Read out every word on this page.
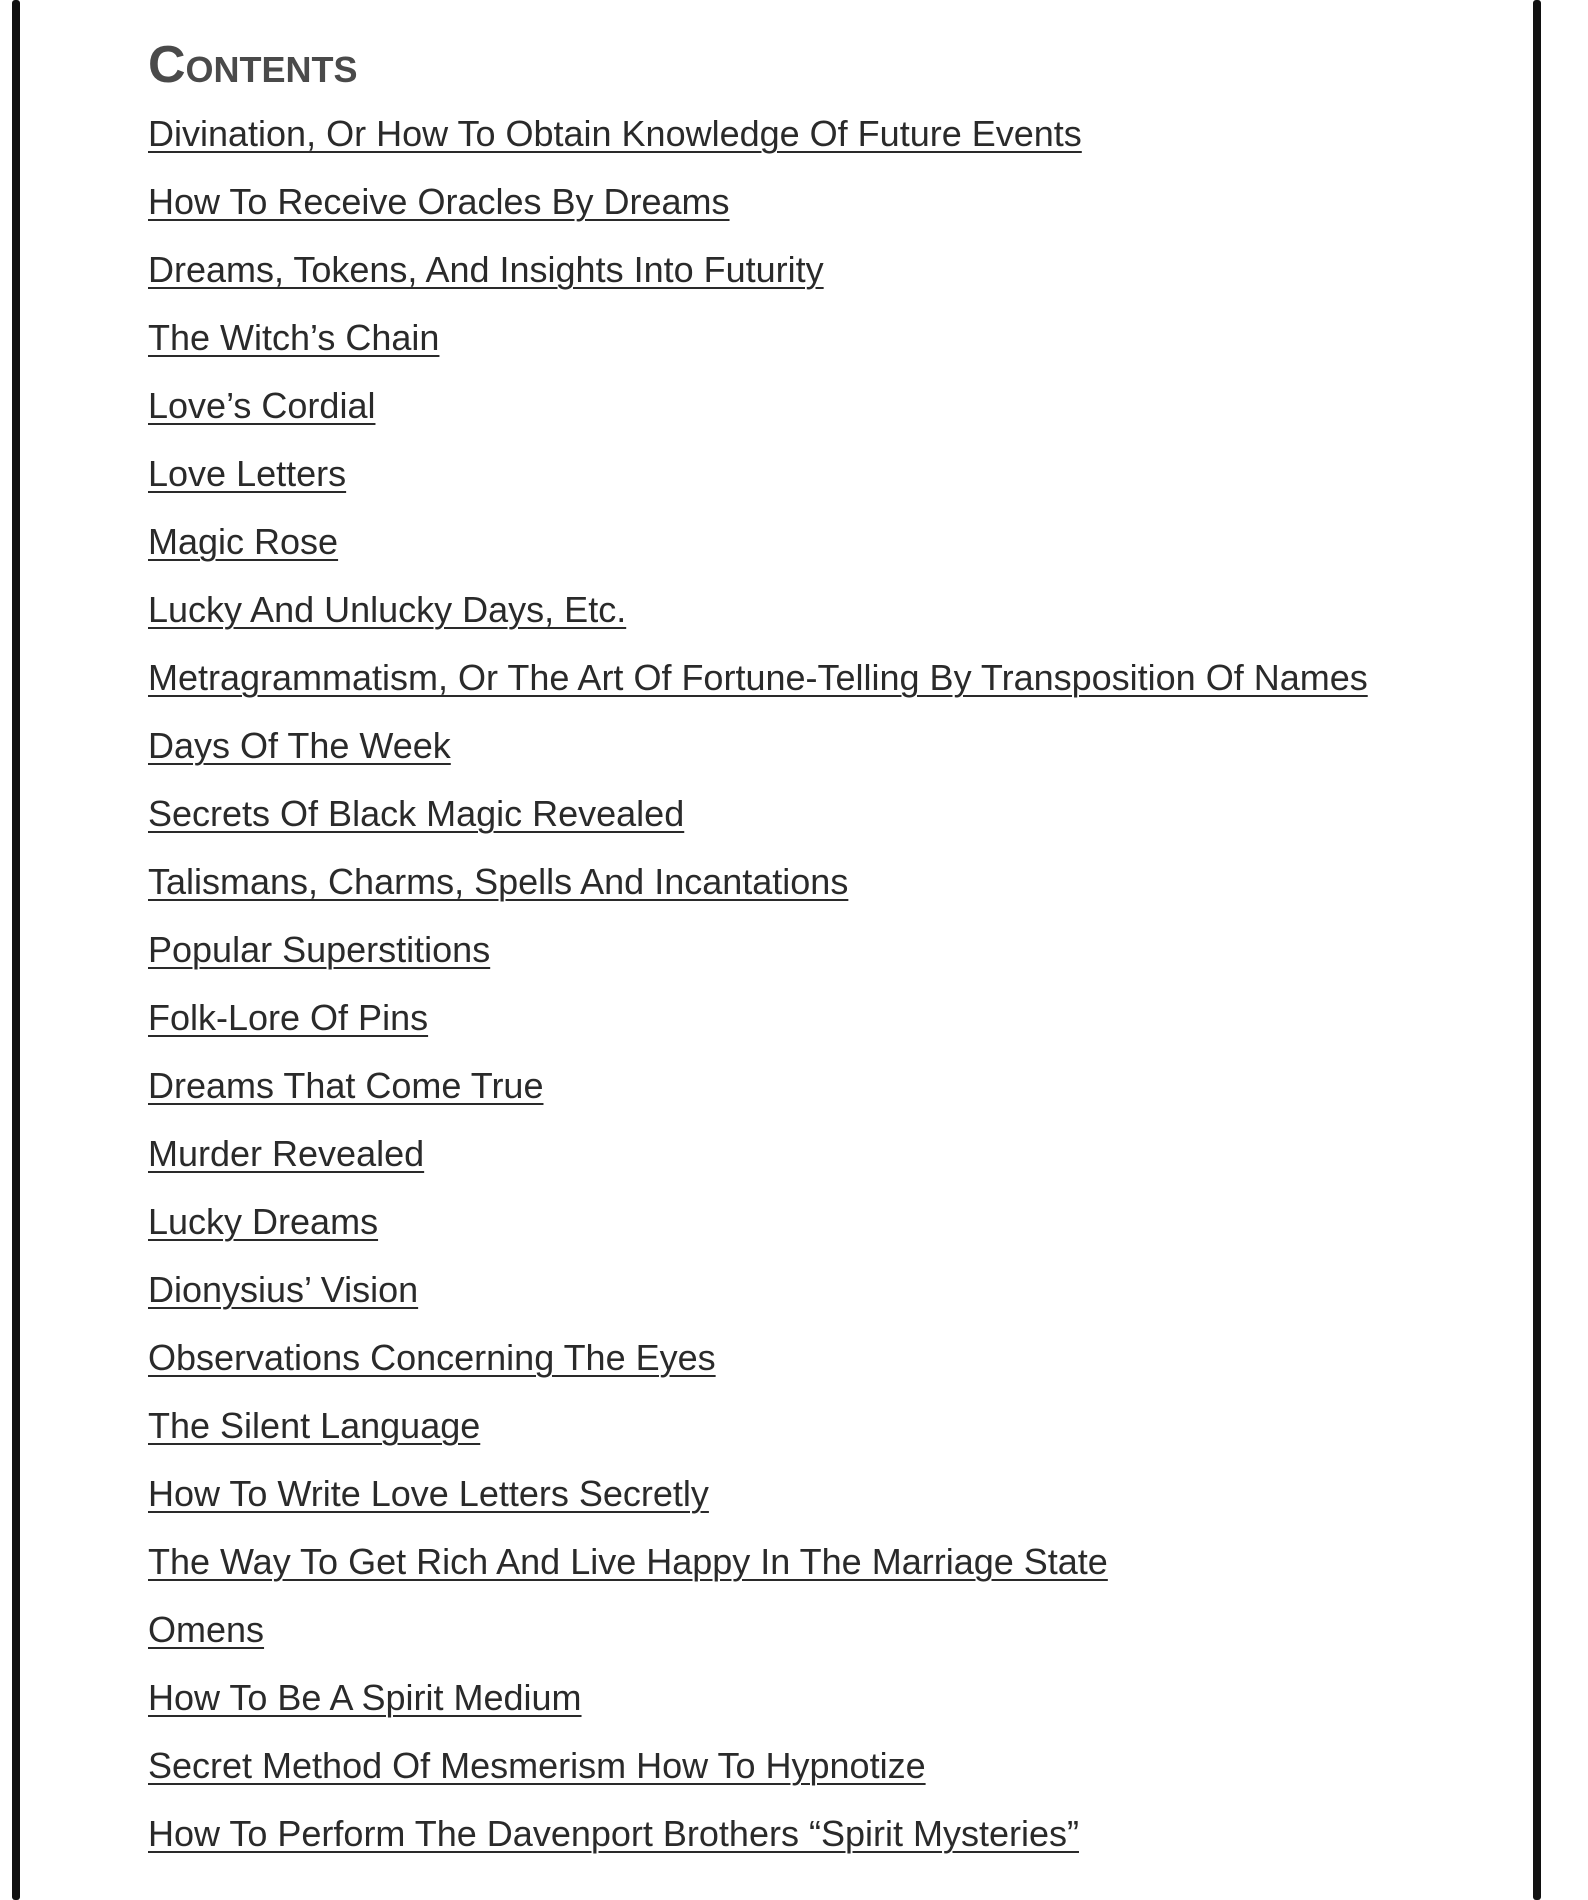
Contents
Divination, Or How To Obtain Knowledge Of Future Events
How To Receive Oracles By Dreams
Dreams, Tokens, And Insights Into Futurity
The Witch’s Chain
Love’s Cordial
Love Letters
Magic Rose
Lucky And Unlucky Days, Etc.
Metragrammatism, Or The Art Of Fortune-Telling By Transposition Of Names
Days Of The Week
Secrets Of Black Magic Revealed
Talismans, Charms, Spells And Incantations
Popular Superstitions
Folk-Lore Of Pins
Dreams That Come True
Murder Revealed
Lucky Dreams
Dionysius’ Vision
Observations Concerning The Eyes
The Silent Language
How To Write Love Letters Secretly
The Way To Get Rich And Live Happy In The Marriage State
Omens
How To Be A Spirit Medium
Secret Method Of Mesmerism How To Hypnotize
How To Perform The Davenport Brothers “Spirit Mysteries”
